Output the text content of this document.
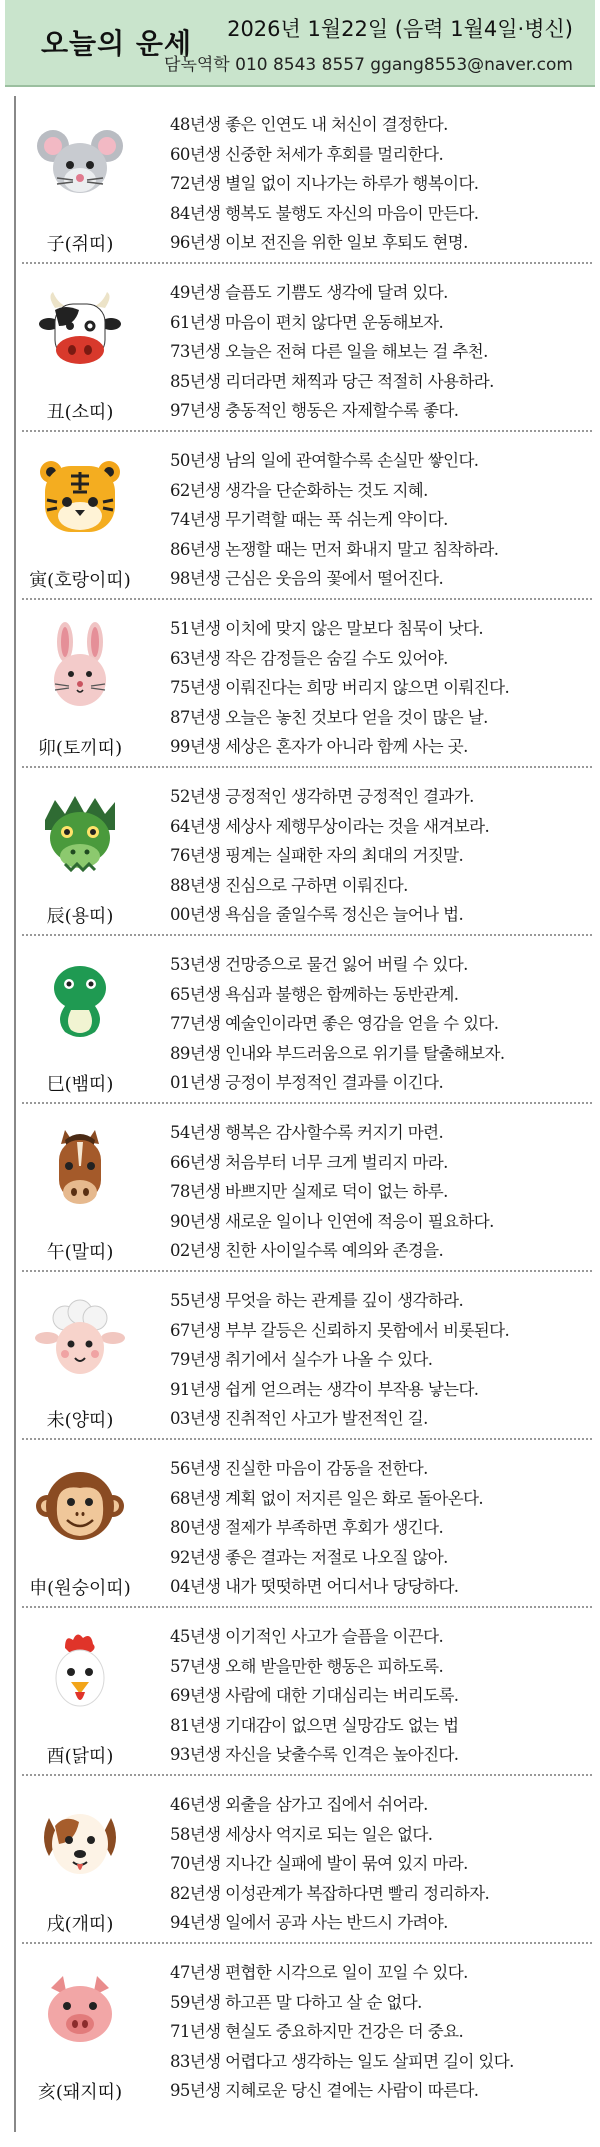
오늘의 운세 2026년 1월22일 (음력 1월4일·병신)
담녹역학 010 8543 8557 ggang8553@naver.com
子(쥐띠)
48년생 좋은 인연도 내 처신이 결정한다.
60년생 신중한 처세가 후회를 멀리한다.
72년생 별일 없이 지나가는 하루가 행복이다.
84년생 행복도 불행도 자신의 마음이 만든다.
96년생 이보 전진을 위한 일보 후퇴도 현명.
丑(소띠)
49년생 슬픔도 기쁨도 생각에 달려 있다.
61년생 마음이 편치 않다면 운동해보자.
73년생 오늘은 전혀 다른 일을 해보는 걸 추천.
85년생 리더라면 채찍과 당근 적절히 사용하라.
97년생 충동적인 행동은 자제할수록 좋다.
寅(호랑이띠)
50년생 남의 일에 관여할수록 손실만 쌓인다.
62년생 생각을 단순화하는 것도 지혜.
74년생 무기력할 때는 푹 쉬는게 약이다.
86년생 논쟁할 때는 먼저 화내지 말고 침착하라.
98년생 근심은 웃음의 꽃에서 떨어진다.
卯(토끼띠)
51년생 이치에 맞지 않은 말보다 침묵이 낫다.
63년생 작은 감정들은 숨길 수도 있어야.
75년생 이뤄진다는 희망 버리지 않으면 이뤄진다.
87년생 오늘은 놓친 것보다 얻을 것이 많은 날.
99년생 세상은 혼자가 아니라 함께 사는 곳.
辰(용띠)
52년생 긍정적인 생각하면 긍정적인 결과가.
64년생 세상사 제행무상이라는 것을 새겨보라.
76년생 핑계는 실패한 자의 최대의 거짓말.
88년생 진심으로 구하면 이뤄진다.
00년생 욕심을 줄일수록 정신은 늘어나 법.
巳(뱀띠)
53년생 건망증으로 물건 잃어 버릴 수 있다.
65년생 욕심과 불행은 함께하는 동반관계.
77년생 예술인이라면 좋은 영감을 얻을 수 있다.
89년생 인내와 부드러움으로 위기를 탈출해보자.
01년생 긍정이 부정적인 결과를 이긴다.
午(말띠)
54년생 행복은 감사할수록 커지기 마련.
66년생 처음부터 너무 크게 벌리지 마라.
78년생 바쁘지만 실제로 덕이 없는 하루.
90년생 새로운 일이나 인연에 적응이 필요하다.
02년생 친한 사이일수록 예의와 존경을.
未(양띠)
55년생 무엇을 하는 관계를 깊이 생각하라.
67년생 부부 갈등은 신뢰하지 못함에서 비롯된다.
79년생 취기에서 실수가 나올 수 있다.
91년생 쉽게 얻으려는 생각이 부작용 낳는다.
03년생 진취적인 사고가 발전적인 길.
申(원숭이띠)
56년생 진실한 마음이 감동을 전한다.
68년생 계획 없이 저지른 일은 화로 돌아온다.
80년생 절제가 부족하면 후회가 생긴다.
92년생 좋은 결과는 저절로 나오질 않아.
04년생 내가 떳떳하면 어디서나 당당하다.
酉(닭띠)
45년생 이기적인 사고가 슬픔을 이끈다.
57년생 오해 받을만한 행동은 피하도록.
69년생 사람에 대한 기대심리는 버리도록.
81년생 기대감이 없으면 실망감도 없는 법
93년생 자신을 낮출수록 인격은 높아진다.
戌(개띠)
46년생 외출을 삼가고 집에서 쉬어라.
58년생 세상사 억지로 되는 일은 없다.
70년생 지나간 실패에 발이 묶여 있지 마라.
82년생 이성관계가 복잡하다면 빨리 정리하자.
94년생 일에서 공과 사는 반드시 가려야.
亥(돼지띠)
47년생 편협한 시각으로 일이 꼬일 수 있다.
59년생 하고픈 말 다하고 살 순 없다.
71년생 현실도 중요하지만 건강은 더 중요.
83년생 어렵다고 생각하는 일도 살피면 길이 있다.
95년생 지혜로운 당신 곁에는 사람이 따른다.
